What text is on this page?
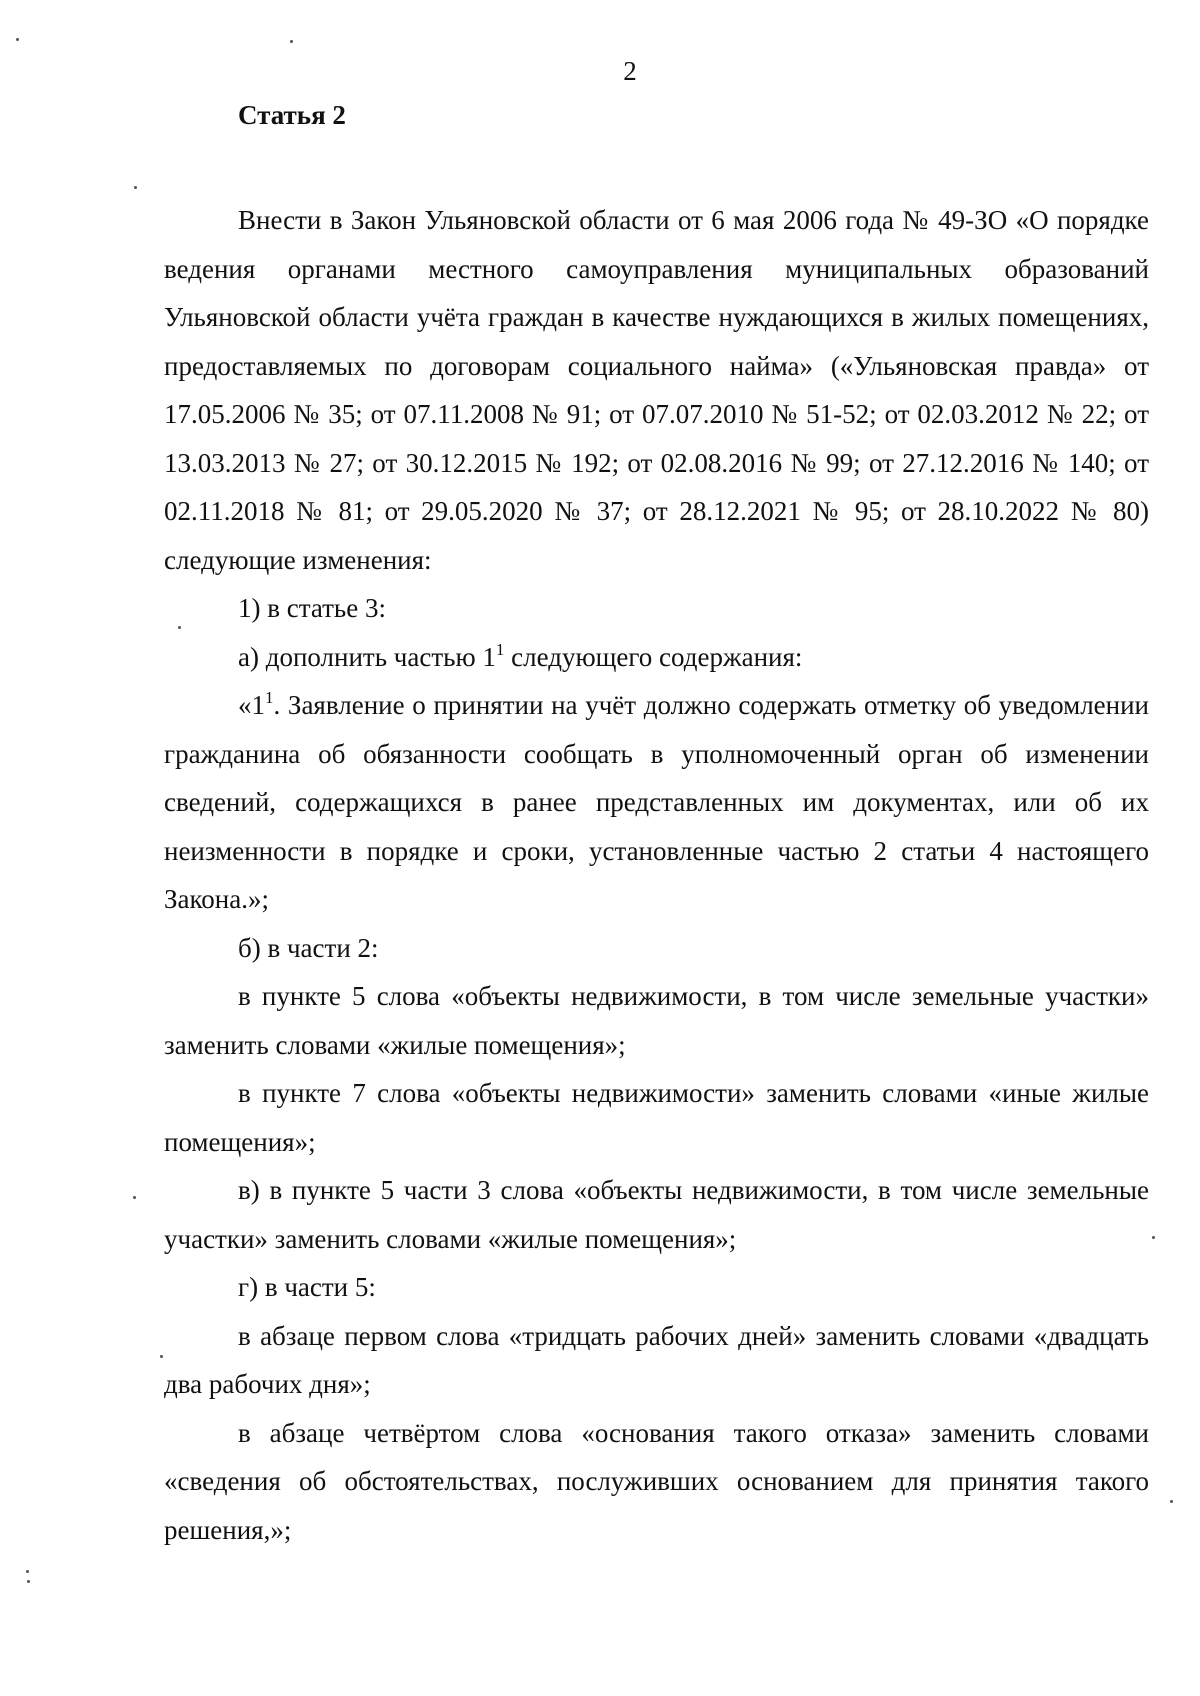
2
Статья 2

Внести в Закон Ульяновской области от 6 мая 2006 года № 49-ЗО «О порядке ведения органами местного самоуправления муниципальных образований Ульяновской области учёта граждан в качестве нуждающихся в жилых помещениях, предоставляемых по договорам социального найма» («Ульяновская правда» от 17.05.2006 № 35; от 07.11.2008 № 91; от 07.07.2010 № 51-52; от 02.03.2012 № 22; от 13.03.2013 № 27; от 30.12.2015 № 192; от 02.08.2016 № 99; от 27.12.2016 № 140; от 02.11.2018 № 81; от 29.05.2020 № 37; от 28.12.2021 № 95; от 28.10.2022 № 80) следующие изменения:

1) в статье 3:

а) дополнить частью $1^1$ следующего содержания:

«$1^1$. Заявление о принятии на учёт должно содержать отметку об уведомлении гражданина об обязанности сообщать в уполномоченный орган об изменении сведений, содержащихся в ранее представленных им документах, или об их неизменности в порядке и сроки, установленные частью 2 статьи 4 настоящего Закона.»;

б) в части 2:

в пункте 5 слова «объекты недвижимости, в том числе земельные участки» заменить словами «жилые помещения»;

в пункте 7 слова «объекты недвижимости» заменить словами «иные жилые помещения»;

в) в пункте 5 части 3 слова «объекты недвижимости, в том числе земельные участки» заменить словами «жилые помещения»;

г) в части 5:

в абзаце первом слова «тридцать рабочих дней» заменить словами «двадцать два рабочих дня»;

в абзаце четвёртом слова «основания такого отказа» заменить словами «сведения об обстоятельствах, послуживших основанием для принятия такого решения,»;
